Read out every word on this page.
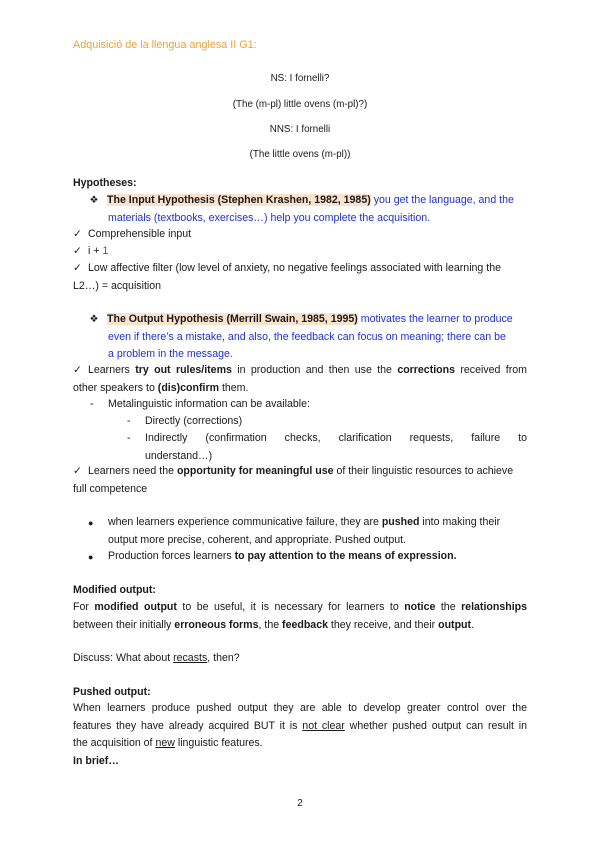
Adquisició de la llengua anglesa II G1:
NS: I fornelli?
(The (m-pl) little ovens (m-pl)?)
NNS: I fornelli
(The little ovens (m-pl))
Hypotheses:
❖ The Input Hypothesis (Stephen Krashen, 1982, 1985) you get the language, and the
materials (textbooks, exercises…) help you complete the acquisition.
✓ Comprehensible input
✓ i + 1
✓ Low affective filter (low level of anxiety, no negative feelings associated with learning the
L2…) = acquisition
❖ The Output Hypothesis (Merrill Swain, 1985, 1995) motivates the learner to produce
even if there’s a mistake, and also, the feedback can focus on meaning; there can be
a problem in the message.
✓ Learners try out rules/items in production and then use the corrections received from
other speakers to (dis)confirm them.
- Metalinguistic information can be available:
- Directly (corrections)
- Indirectly   (confirmation   checks,   clarification   requests,   failure   to
understand…)
✓ Learners need the opportunity for meaningful use of their linguistic resources to achieve
full competence
● when learners experience communicative failure, they are pushed into making their
output more precise, coherent, and appropriate. Pushed output.
● Production forces learners to pay attention to the means of expression.
Modified output:
For modified output to be useful, it is necessary for learners to notice the relationships
between their initially erroneous forms, the feedback they receive, and their output.
Discuss: What about recasts, then?
Pushed output:
When learners produce pushed output they are able to develop greater control over the
features they have already acquired BUT it is not clear whether pushed output can result in
the acquisition of new linguistic features.
In brief…
2
